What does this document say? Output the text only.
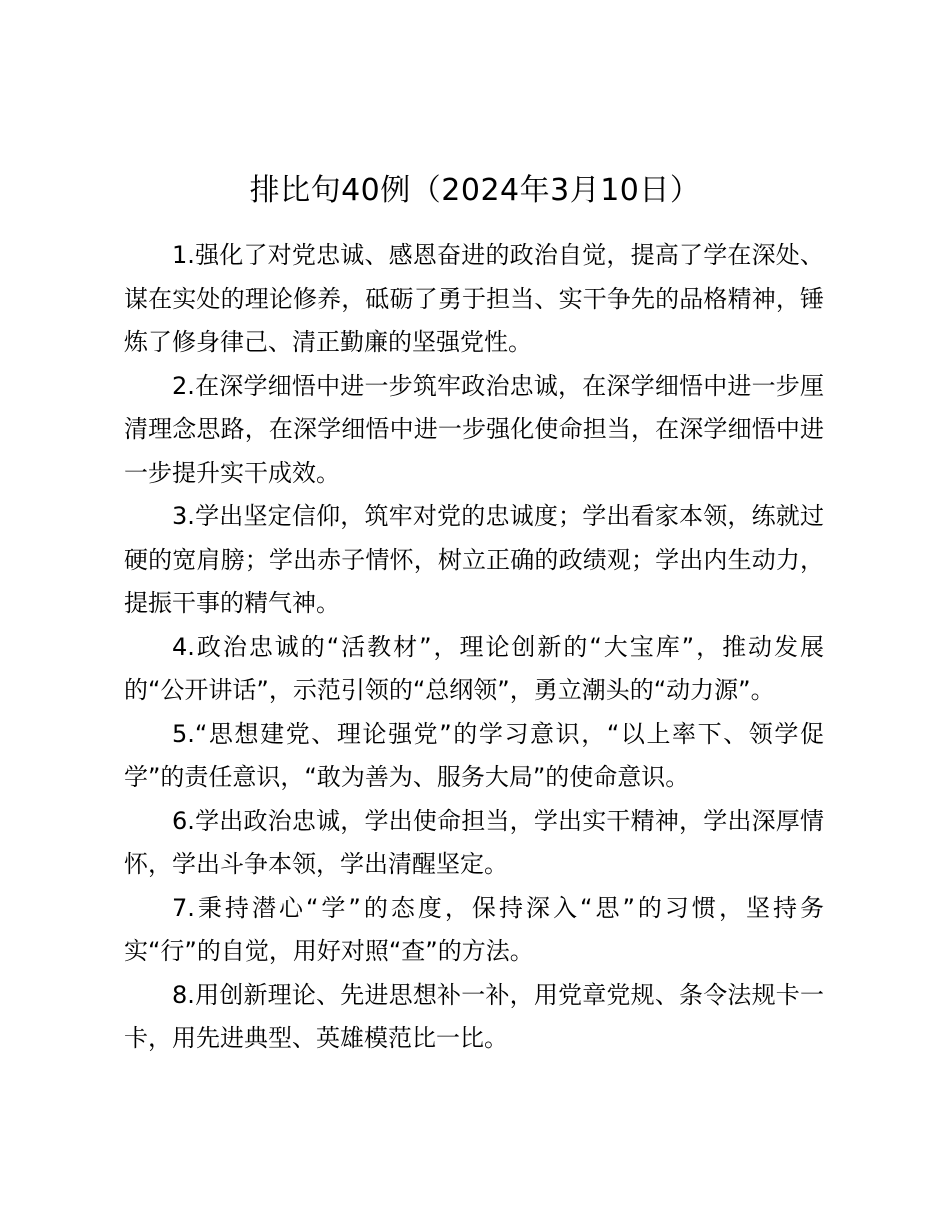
排比句40例（2024年3月10日）

1.强化了对党忠诚、感恩奋进的政治自觉，提高了学在深处、谋在实处的理论修养，砥砺了勇于担当、实干争先的品格精神，锤炼了修身律己、清正勤廉的坚强党性。

2.在深学细悟中进一步筑牢政治忠诚，在深学细悟中进一步厘清理念思路，在深学细悟中进一步强化使命担当，在深学细悟中进一步提升实干成效。

3.学出坚定信仰，筑牢对党的忠诚度；学出看家本领，练就过硬的宽肩膀；学出赤子情怀，树立正确的政绩观；学出内生动力，提振干事的精气神。

4.政治忠诚的“活教材”，理论创新的“大宝库”，推动发展的“公开讲话”，示范引领的“总纲领”，勇立潮头的“动力源”。

5.“思想建党、理论强党”的学习意识，“以上率下、领学促学”的责任意识，“敢为善为、服务大局”的使命意识。

6.学出政治忠诚，学出使命担当，学出实干精神，学出深厚情怀，学出斗争本领，学出清醒坚定。

7.秉持潜心“学”的态度，保持深入“思”的习惯，坚持务实“行”的自觉，用好对照“查”的方法。

8.用创新理论、先进思想补一补，用党章党规、条令法规卡一卡，用先进典型、英雄模范比一比。
